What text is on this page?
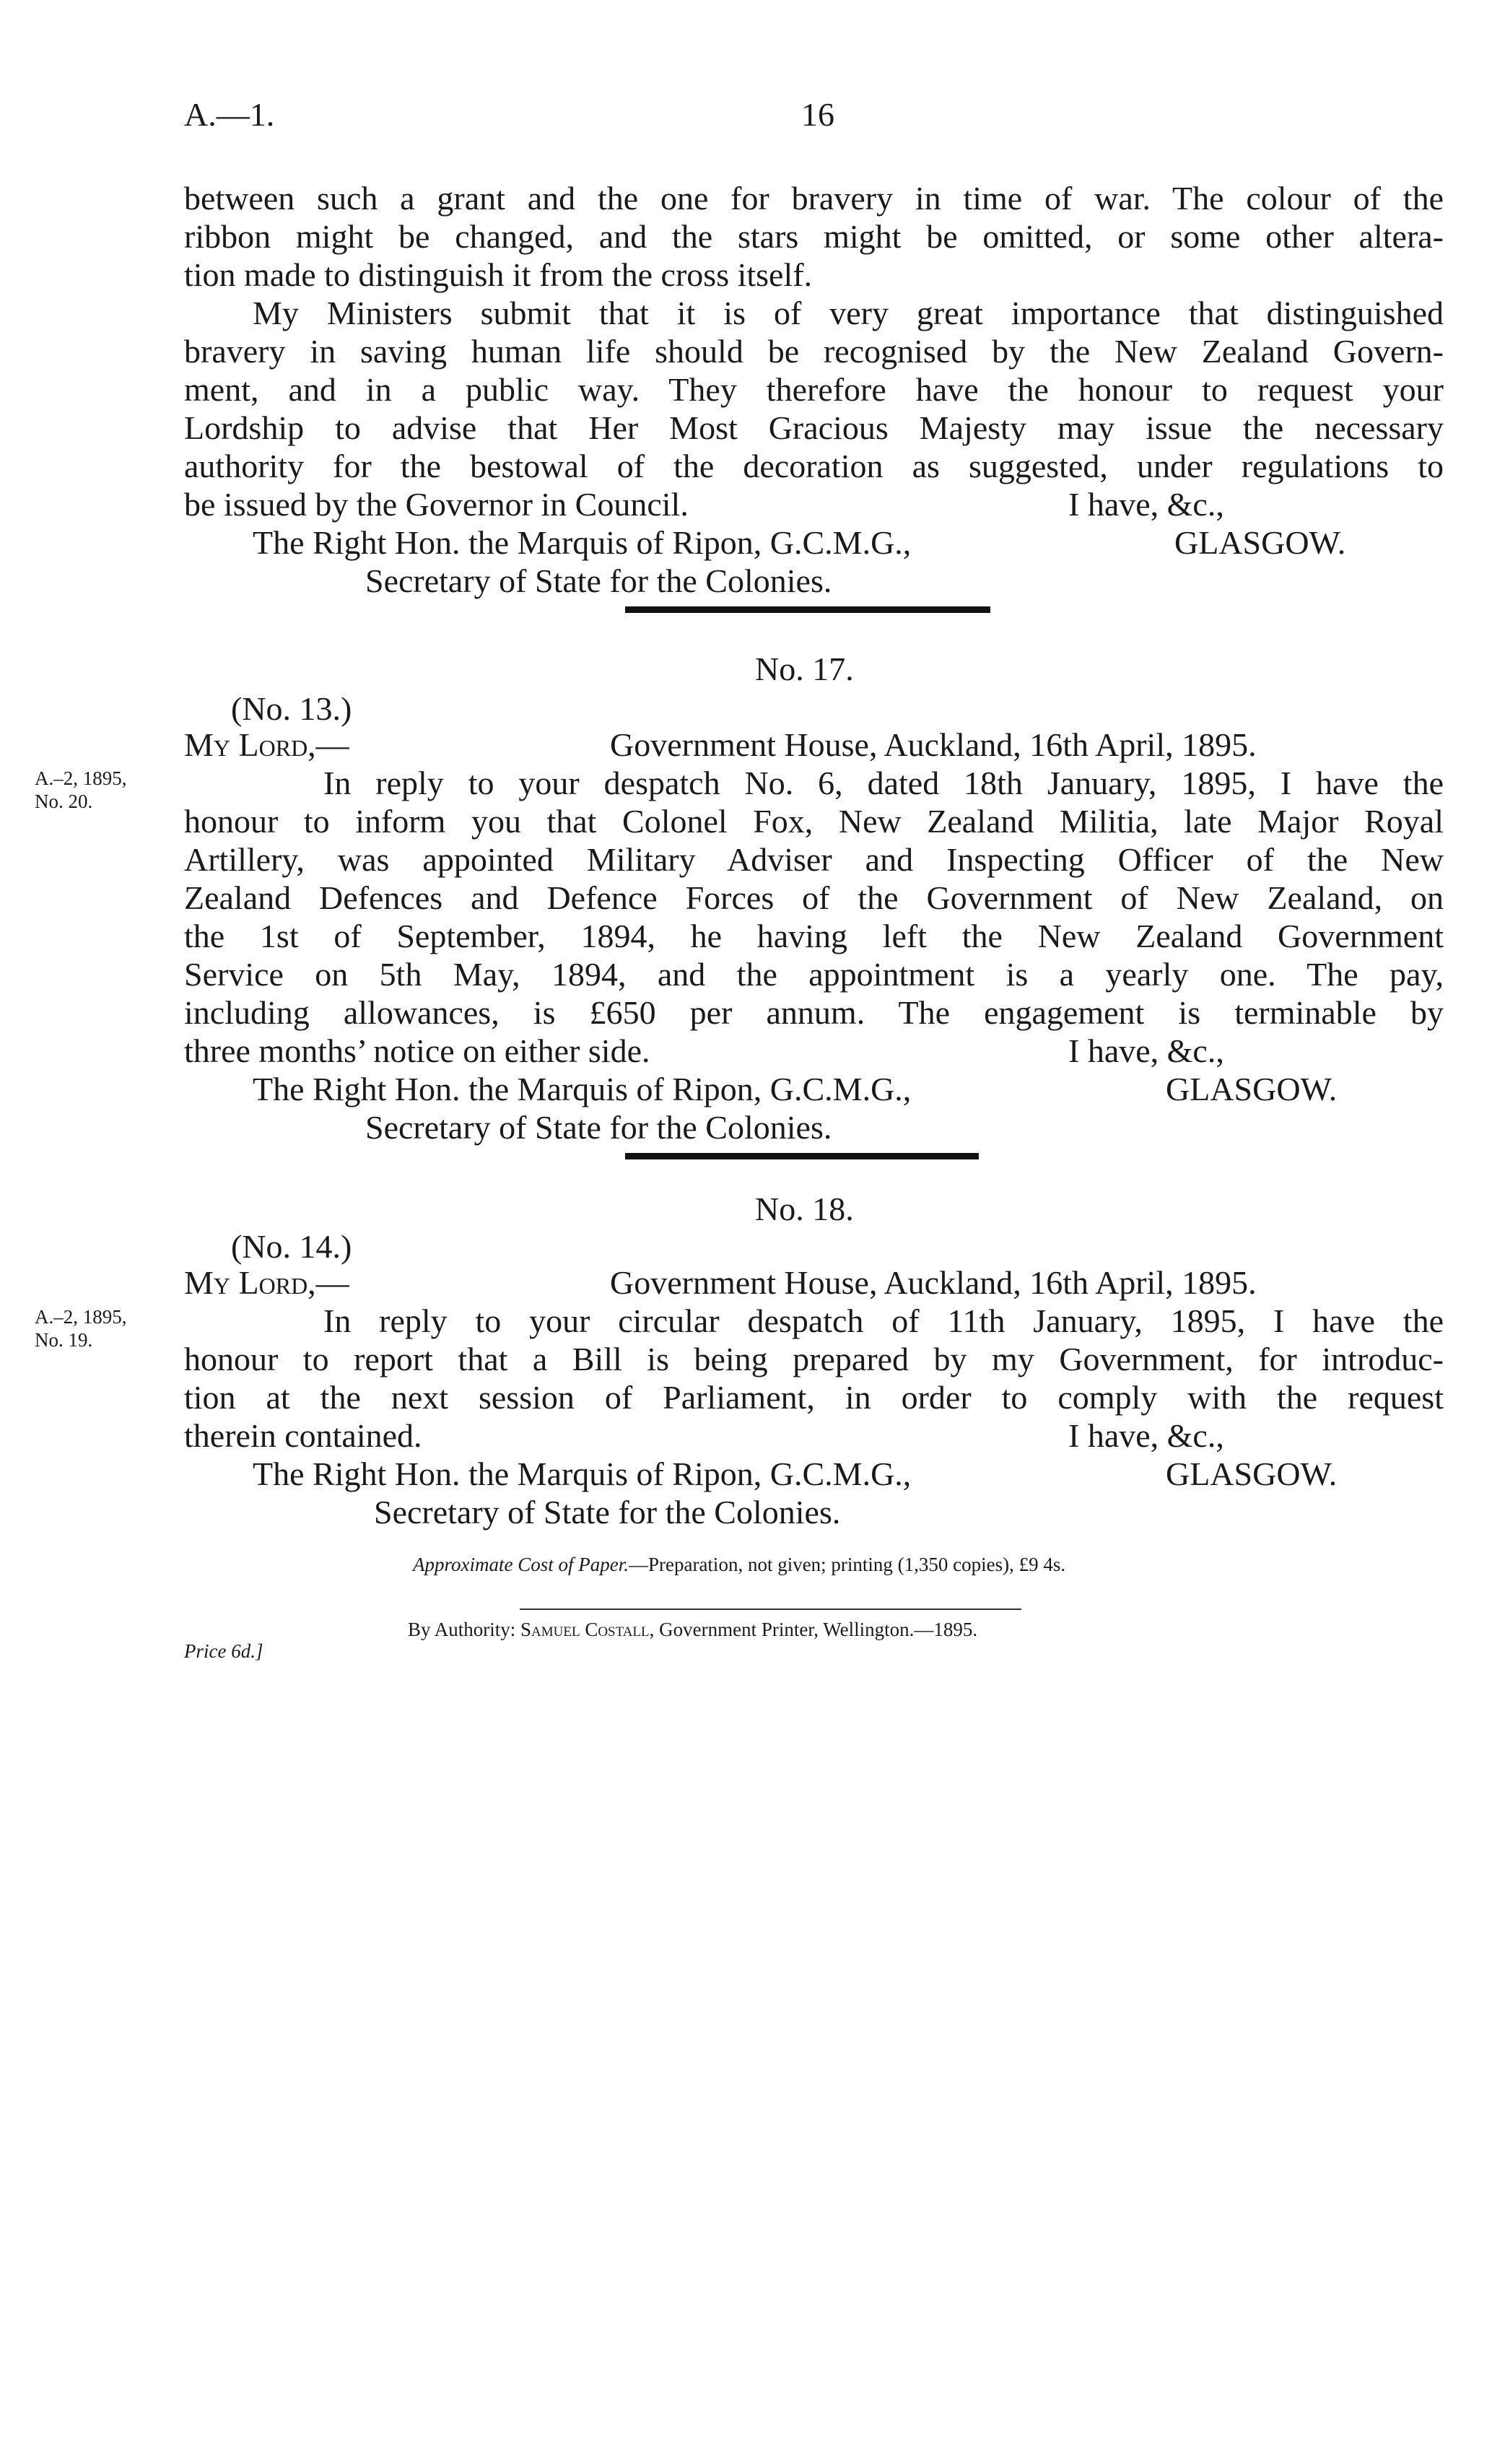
A.—1.	16
between such a grant and the one for bravery in time of war. The colour of the
ribbon might be changed, and the stars might be omitted, or some other altera-
tion made to distinguish it from the cross itself.
My Ministers submit that it is of very great importance that distinguished
bravery in saving human life should be recognised by the New Zealand Govern-
ment, and in a public way. They therefore have the honour to request your
Lordship to advise that Her Most Gracious Majesty may issue the necessary
authority for the bestowal of the decoration as suggested, under regulations to
be issued by the Governor in Council.	I have, &c.,
The Right Hon. the Marquis of Ripon, G.C.M.G.,	GLASGOW.
Secretary of State for the Colonies.
No. 17.
(No. 13.)
My Lord,—	Government House, Auckland, 16th April, 1895.
A.–2, 1895,
No. 20.	In reply to your despatch No. 6, dated 18th January, 1895, I have the
honour to inform you that Colonel Fox, New Zealand Militia, late Major Royal
Artillery, was appointed Military Adviser and Inspecting Officer of the New
Zealand Defences and Defence Forces of the Government of New Zealand, on
the 1st of September, 1894, he having left the New Zealand Government
Service on 5th May, 1894, and the appointment is a yearly one. The pay,
including allowances, is £650 per annum. The engagement is terminable by
three months’ notice on either side.	I have, &c.,
The Right Hon. the Marquis of Ripon, G.C.M.G.,	GLASGOW.
Secretary of State for the Colonies.
No. 18.
(No. 14.)
My Lord,—	Government House, Auckland, 16th April, 1895.
A.–2, 1895,
No. 19.
In reply to your circular despatch of 11th January, 1895, I have the
honour to report that a Bill is being prepared by my Government, for introduc-
tion at the next session of Parliament, in order to comply with the request
therein contained.	I have, &c.,
The Right Hon. the Marquis of Ripon, G.C.M.G.,	GLASGOW.
Secretary of State for the Colonies.
Approximate Cost of Paper.—Preparation, not given; printing (1,350 copies), £9 4s.
By Authority: Samuel Costall, Government Printer, Wellington.—1895.
Price 6d.]
